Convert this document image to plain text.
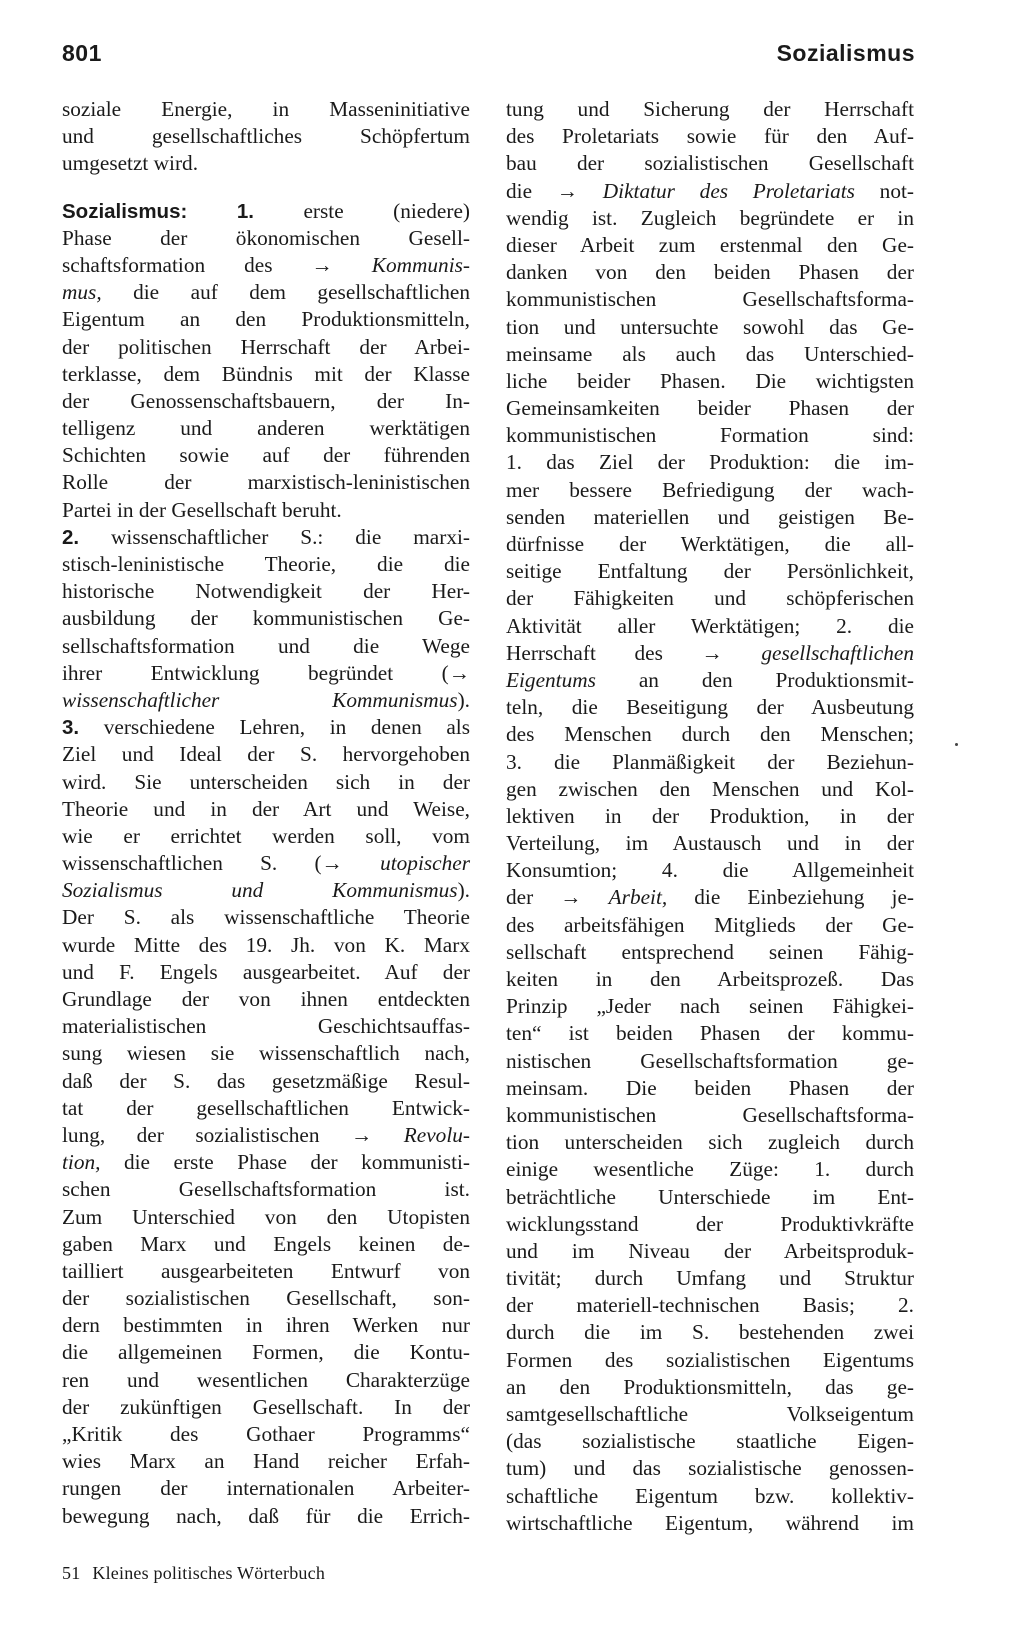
801	Sozialismus
soziale Energie, in Masseninitiative
und gesellschaftliches Schöpfertum
umgesetzt wird.
Sozialismus: 1. erste (niedere)
Phase der ökonomischen Gesell-
schaftsformation des → Kommunis-
mus, die auf dem gesellschaftlichen
Eigentum an den Produktionsmitteln,
der politischen Herrschaft der Arbei-
terklasse, dem Bündnis mit der Klasse
der Genossenschaftsbauern, der In-
telligenz und anderen werktätigen
Schichten sowie auf der führenden
Rolle der marxistisch-leninistischen
Partei in der Gesellschaft beruht.
2. wissenschaftlicher S.: die marxi-
stisch-leninistische Theorie, die die
historische Notwendigkeit der Her-
ausbildung der kommunistischen Ge-
sellschaftsformation und die Wege
ihrer Entwicklung begründet (→
wissenschaftlicher Kommunismus).
3. verschiedene Lehren, in denen als
Ziel und Ideal der S. hervorgehoben
wird. Sie unterscheiden sich in der
Theorie und in der Art und Weise,
wie er errichtet werden soll, vom
wissenschaftlichen S. (→ utopischer
Sozialismus und Kommunismus).
Der S. als wissenschaftliche Theorie
wurde Mitte des 19. Jh. von K. Marx
und F. Engels ausgearbeitet. Auf der
Grundlage der von ihnen entdeckten
materialistischen Geschichtsauffas-
sung wiesen sie wissenschaftlich nach,
daß der S. das gesetzmäßige Resul-
tat der gesellschaftlichen Entwick-
lung, der sozialistischen → Revolu-
tion, die erste Phase der kommunisti-
schen Gesellschaftsformation ist.
Zum Unterschied von den Utopisten
gaben Marx und Engels keinen de-
tailliert ausgearbeiteten Entwurf von
der sozialistischen Gesellschaft, son-
dern bestimmten in ihren Werken nur
die allgemeinen Formen, die Kontu-
ren und wesentlichen Charakterzüge
der zukünftigen Gesellschaft. In der
„Kritik des Gothaer Programms“
wies Marx an Hand reicher Erfah-
rungen der internationalen Arbeiter-
bewegung nach, daß für die Errich-
tung und Sicherung der Herrschaft
des Proletariats sowie für den Auf-
bau der sozialistischen Gesellschaft
die → Diktatur des Proletariats not-
wendig ist. Zugleich begründete er in
dieser Arbeit zum erstenmal den Ge-
danken von den beiden Phasen der
kommunistischen Gesellschaftsforma-
tion und untersuchte sowohl das Ge-
meinsame als auch das Unterschied-
liche beider Phasen. Die wichtigsten
Gemeinsamkeiten beider Phasen der
kommunistischen Formation sind:
1. das Ziel der Produktion: die im-
mer bessere Befriedigung der wach-
senden materiellen und geistigen Be-
dürfnisse der Werktätigen, die all-
seitige Entfaltung der Persönlichkeit,
der Fähigkeiten und schöpferischen
Aktivität aller Werktätigen; 2. die
Herrschaft des → gesellschaftlichen
Eigentums an den Produktionsmit-
teln, die Beseitigung der Ausbeutung
des Menschen durch den Menschen;
3. die Planmäßigkeit der Beziehun-
gen zwischen den Menschen und Kol-
lektiven in der Produktion, in der
Verteilung, im Austausch und in der
Konsumtion; 4. die Allgemeinheit
der → Arbeit, die Einbeziehung je-
des arbeitsfähigen Mitglieds der Ge-
sellschaft entsprechend seinen Fähig-
keiten in den Arbeitsprozeß. Das
Prinzip „Jeder nach seinen Fähigkei-
ten“ ist beiden Phasen der kommu-
nistischen Gesellschaftsformation ge-
meinsam. Die beiden Phasen der
kommunistischen Gesellschaftsforma-
tion unterscheiden sich zugleich durch
einige wesentliche Züge: 1. durch
beträchtliche Unterschiede im Ent-
wicklungsstand der Produktivkräfte
und im Niveau der Arbeitsproduk-
tivität; durch Umfang und Struktur
der materiell-technischen Basis; 2.
durch die im S. bestehenden zwei
Formen des sozialistischen Eigentums
an den Produktionsmitteln, das ge-
samtgesellschaftliche Volkseigentum
(das sozialistische staatliche Eigen-
tum) und das sozialistische genossen-
schaftliche Eigentum bzw. kollektiv-
wirtschaftliche Eigentum, während im
51 Kleines politisches Wörterbuch
